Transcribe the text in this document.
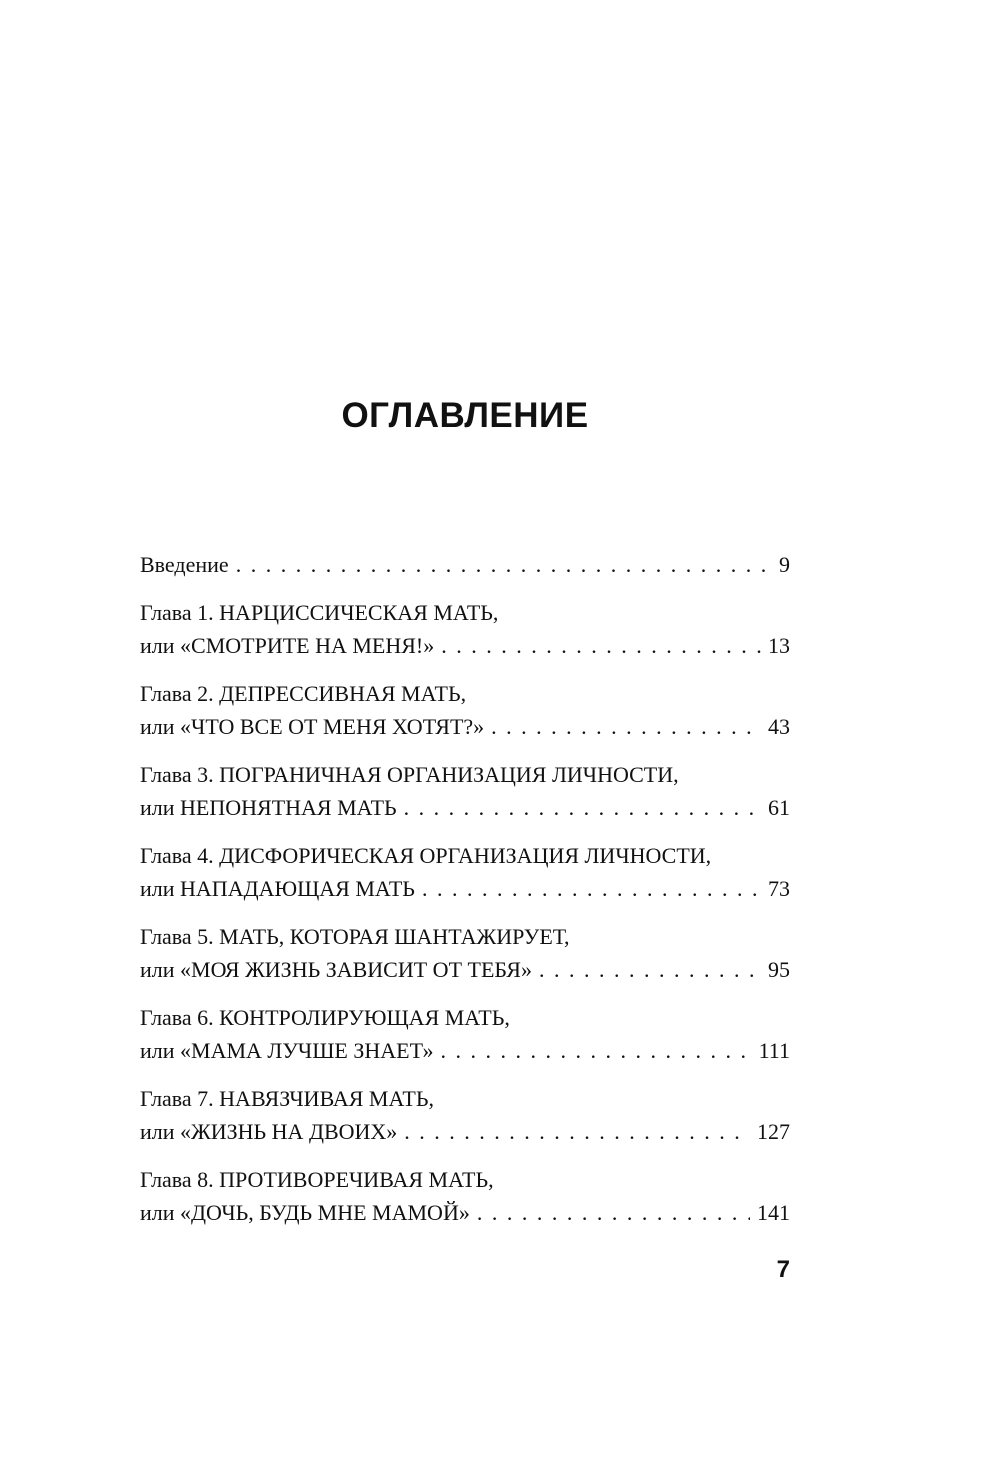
ОГЛАВЛЕНИЕ
Введение . . .	9
Глава 1. НАРЦИССИЧЕСКАЯ МАТЬ,
или «СМОТРИТЕ НА МЕНЯ!» . . .	13
Глава 2. ДЕПРЕССИВНАЯ МАТЬ,
или «ЧТО ВСЕ ОТ МЕНЯ ХОТЯТ?» . . .	43
Глава 3. ПОГРАНИЧНАЯ ОРГАНИЗАЦИЯ ЛИЧНОСТИ,
или НЕПОНЯТНАЯ МАТЬ . . .	61
Глава 4. ДИСФОРИЧЕСКАЯ ОРГАНИЗАЦИЯ ЛИЧНОСТИ,
или НАПАДАЮЩАЯ МАТЬ . . .	73
Глава 5. МАТЬ, КОТОРАЯ ШАНТАЖИРУЕТ,
или «МОЯ ЖИЗНЬ ЗАВИСИТ ОТ ТЕБЯ» . . .	95
Глава 6. КОНТРОЛИРУЮЩАЯ МАТЬ,
или «МАМА ЛУЧШЕ ЗНАЕТ» . . .	111
Глава 7. НАВЯЗЧИВАЯ МАТЬ,
или «ЖИЗНЬ НА ДВОИХ» . . .	127
Глава 8. ПРОТИВОРЕЧИВАЯ МАТЬ,
или «ДОЧЬ, БУДЬ МНЕ МАМОЙ» . . .	141
7
